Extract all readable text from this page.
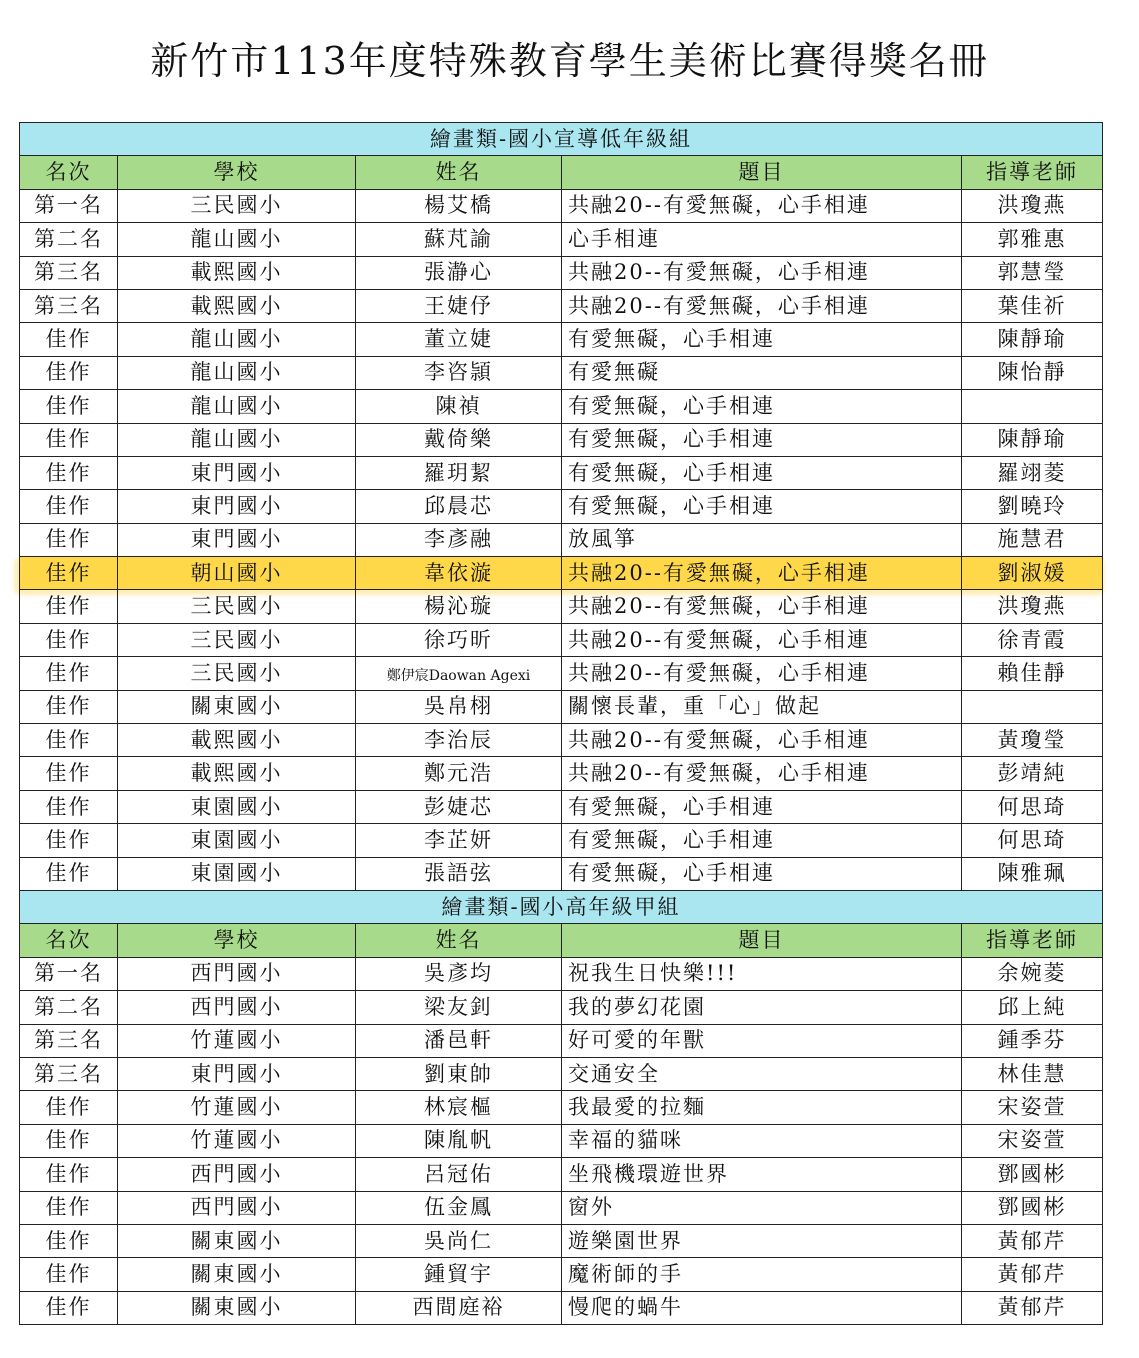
新竹市113年度特殊教育學生美術比賽得獎名冊
繪畫類-國小宣導低年級組				
名次	學校	姓名	題目	指導老師
第一名	三民國小	楊艾橋	共融20--有愛無礙，心手相連	洪瓊燕
第二名	龍山國小	蘇芃諭	心手相連	郭雅惠
第三名	載熙國小	張瀞心	共融20--有愛無礙，心手相連	郭慧瑩
第三名	載熙國小	王婕伃	共融20--有愛無礙，心手相連	葉佳祈
佳作	龍山國小	董立婕	有愛無礙，心手相連	陳靜瑜
佳作	龍山國小	李咨頴	有愛無礙	陳怡靜
佳作	龍山國小	陳禎	有愛無礙，心手相連	
佳作	龍山國小	戴倚樂	有愛無礙，心手相連	陳靜瑜
佳作	東門國小	羅玥絜	有愛無礙，心手相連	羅翊菱
佳作	東門國小	邱晨芯	有愛無礙，心手相連	劉曉玲
佳作	東門國小	李彥融	放風箏	施慧君
佳作	朝山國小	韋依漩	共融20--有愛無礙，心手相連	劉淑媛
佳作	三民國小	楊沁璇	共融20--有愛無礙，心手相連	洪瓊燕
佳作	三民國小	徐巧昕	共融20--有愛無礙，心手相連	徐青霞
佳作	三民國小	鄭伊宸Daowan Agexi	共融20--有愛無礙，心手相連	賴佳靜
佳作	關東國小	吳帛栩	關懷長輩，重「心」做起	
佳作	載熙國小	李治辰	共融20--有愛無礙，心手相連	黃瓊瑩
佳作	載熙國小	鄭元浩	共融20--有愛無礙，心手相連	彭靖純
佳作	東園國小	彭婕芯	有愛無礙，心手相連	何思琦
佳作	東園國小	李芷妍	有愛無礙，心手相連	何思琦
佳作	東園國小	張語弦	有愛無礙，心手相連	陳雅珮
繪畫類-國小高年級甲組				
名次	學校	姓名	題目	指導老師
第一名	西門國小	吳彥均	祝我生日快樂!!!	余婉菱
第二名	西門國小	梁友釗	我的夢幻花園	邱上純
第三名	竹蓮國小	潘邑軒	好可愛的年獸	鍾季芬
第三名	東門國小	劉東帥	交通安全	林佳慧
佳作	竹蓮國小	林宸樞	我最愛的拉麵	宋姿萱
佳作	竹蓮國小	陳胤帆	幸福的貓咪	宋姿萱
佳作	西門國小	呂冠佑	坐飛機環遊世界	鄧國彬
佳作	西門國小	伍金鳳	窗外	鄧國彬
佳作	關東國小	吳尚仁	遊樂園世界	黃郁芹
佳作	關東國小	鍾貿宇	魔術師的手	黃郁芹
佳作	關東國小	西間庭裕	慢爬的蝸牛	黃郁芹
